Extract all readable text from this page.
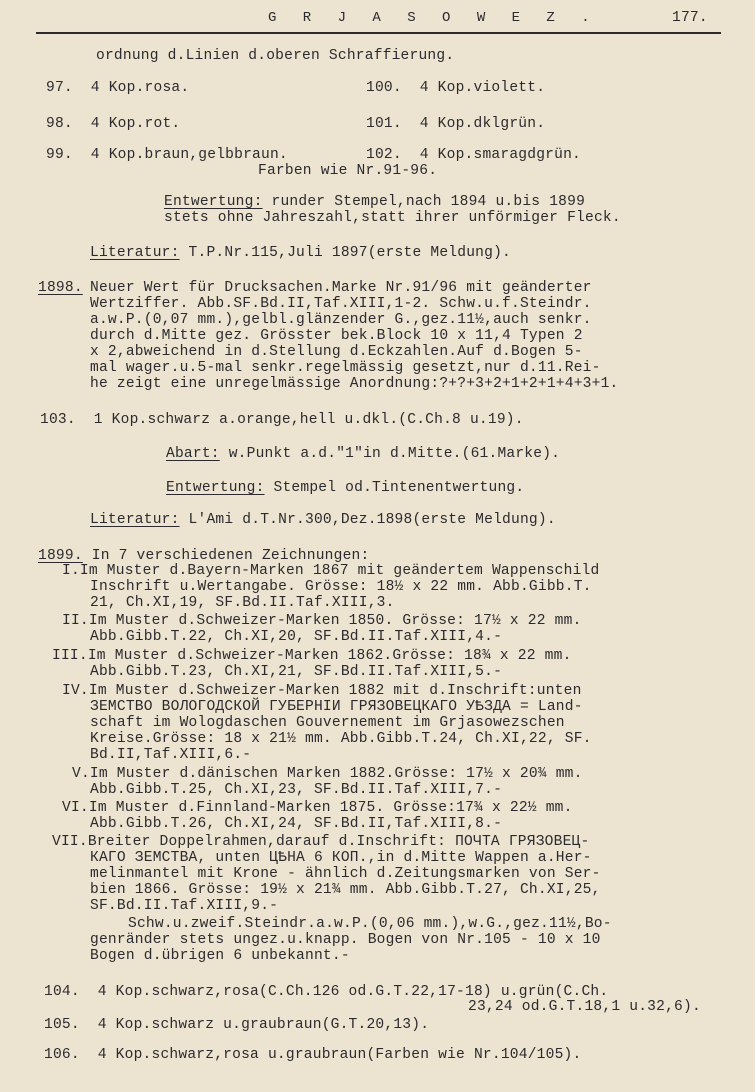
G R J A S O W E Z .	177.
ordnung d.Linien d.oberen Schraffierung.
97.  4 Kop.rosa.	100.  4 Kop.violett.
98.  4 Kop.rot.	101.  4 Kop.dklgrün.
99.  4 Kop.braun,gelbbraun.	102.  4 Kop.smaragdgrün.
Farben wie Nr.91-96.
Entwertung: runder Stempel,nach 1894 u.bis 1899
stets ohne Jahreszahl,statt ihrer unförmiger Fleck.
Literatur: T.P.Nr.115,Juli 1897(erste Meldung).
1898. Neuer Wert für Drucksachen.Marke Nr.91/96 mit geänderter
Wertziffer. Abb.SF.Bd.II,Taf.XIII,1-2. Schw.u.f.Steindr.
a.w.P.(0,07 mm.),gelbl.glänzender G.,gez.11½,auch senkr.
durch d.Mitte gez. Grösster bek.Block 10 x 11,4 Typen 2
x 2,abweichend in d.Stellung d.Eckzahlen.Auf d.Bogen 5-
mal wager.u.5-mal senkr.regelmässig gesetzt,nur d.11.Rei-
he zeigt eine unregelmässige Anordnung:?+?+3+2+1+2+1+4+3+1.
103.  1 Kop.schwarz a.orange,hell u.dkl.(C.Ch.8 u.19).
Abart: w.Punkt a.d."1"in d.Mitte.(61.Marke).
Entwertung: Stempel od.Tintenentwertung.
Literatur: L'Ami d.T.Nr.300,Dez.1898(erste Meldung).
1899. In 7 verschiedenen Zeichnungen:
I.Im Muster d.Bayern-Marken 1867 mit geändertem Wappenschild
Inschrift u.Wertangabe. Grösse: 18½ x 22 mm. Abb.Gibb.T.
21, Ch.XI,19, SF.Bd.II.Taf.XIII,3.
II.Im Muster d.Schweizer-Marken 1850. Grösse: 17½ x 22 mm.
Abb.Gibb.T.22, Ch.XI,20, SF.Bd.II.Taf.XIII,4.-
III.Im Muster d.Schweizer-Marken 1862.Grösse: 18¾ x 22 mm.
Abb.Gibb.T.23, Ch.XI,21, SF.Bd.II.Taf.XIII,5.-
IV.Im Muster d.Schweizer-Marken 1882 mit d.Inschrift:unten
ЗЕМСТВО ВОЛОГОДСКОЙ ГУБЕРНIИ ГРЯЗОВЕЦКАГО УѢЗДА = Land-
schaft im Wologdaschen Gouvernement im Grjasowezschen
Kreise.Grösse: 18 x 21½ mm. Abb.Gibb.T.24, Ch.XI,22, SF.
Bd.II,Taf.XIII,6.-
V.Im Muster d.dänischen Marken 1882.Grösse: 17½ x 20¾ mm.
Abb.Gibb.T.25, Ch.XI,23, SF.Bd.II.Taf.XIII,7.-
VI.Im Muster d.Finnland-Marken 1875. Grösse:17¾ x 22½ mm.
Abb.Gibb.T.26, Ch.XI,24, SF.Bd.II,Taf.XIII,8.-
VII.Breiter Doppelrahmen,darauf d.Inschrift: ПОЧТА ГРЯЗОВЕЦ-
КАГО ЗЕМСТВА, unten ЦѢНА 6 КОП.,in d.Mitte Wappen a.Her-
melinmantel mit Krone - ähnlich d.Zeitungsmarken von Ser-
bien 1866. Grösse: 19½ x 21¾ mm. Abb.Gibb.T.27, Ch.XI,25,
SF.Bd.II.Taf.XIII,9.-
Schw.u.zweif.Steindr.a.w.P.(0,06 mm.),w.G.,gez.11½,Bo-
genränder stets ungez.u.knapp. Bogen von Nr.105 - 10 x 10
Bogen d.übrigen 6 unbekannt.-
104.  4 Kop.schwarz,rosa(C.Ch.126 od.G.T.22,17-18) u.grün(C.Ch.
23,24 od.G.T.18,1 u.32,6).
105.  4 Kop.schwarz u.graubraun(G.T.20,13).
106.  4 Kop.schwarz,rosa u.graubraun(Farben wie Nr.104/105).
